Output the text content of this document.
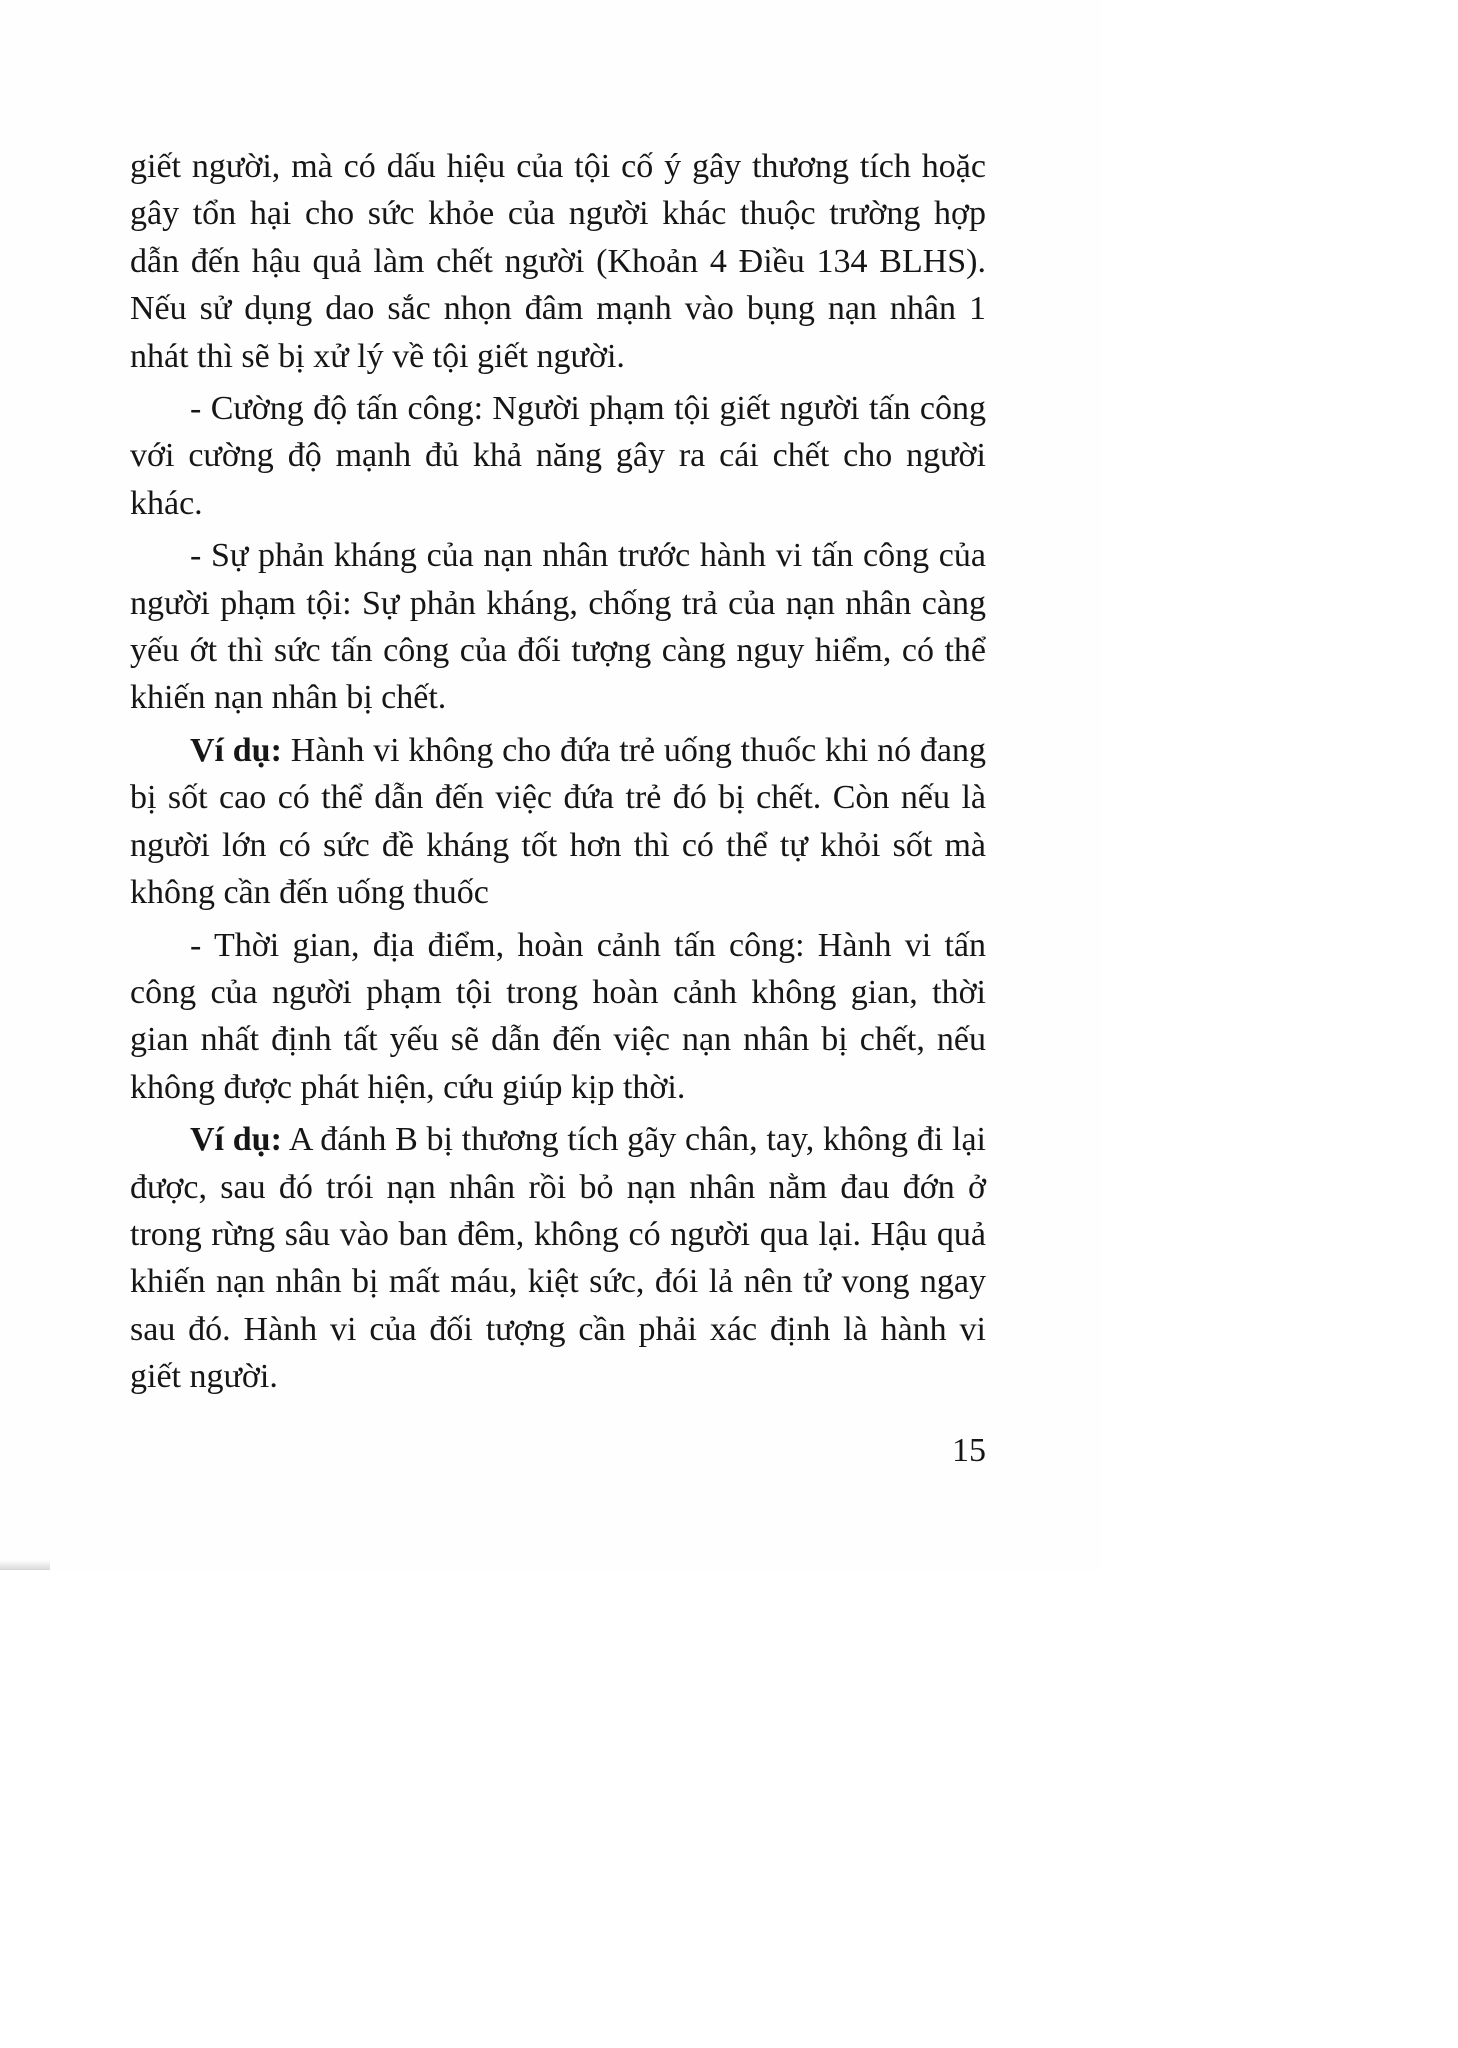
giết người, mà có dấu hiệu của tội cố ý gây thương tích hoặc gây tổn hại cho sức khỏe của người khác thuộc trường hợp dẫn đến hậu quả làm chết người (Khoản 4 Điều 134 BLHS). Nếu sử dụng dao sắc nhọn đâm mạnh vào bụng nạn nhân 1 nhát thì sẽ bị xử lý về tội giết người.

- Cường độ tấn công: Người phạm tội giết người tấn công với cường độ mạnh đủ khả năng gây ra cái chết cho người khác.

- Sự phản kháng của nạn nhân trước hành vi tấn công của người phạm tội: Sự phản kháng, chống trả của nạn nhân càng yếu ớt thì sức tấn công của đối tượng càng nguy hiểm, có thể khiến nạn nhân bị chết.

Ví dụ: Hành vi không cho đứa trẻ uống thuốc khi nó đang bị sốt cao có thể dẫn đến việc đứa trẻ đó bị chết. Còn nếu là người lớn có sức đề kháng tốt hơn thì có thể tự khỏi sốt mà không cần đến uống thuốc

- Thời gian, địa điểm, hoàn cảnh tấn công: Hành vi tấn công của người phạm tội trong hoàn cảnh không gian, thời gian nhất định tất yếu sẽ dẫn đến việc nạn nhân bị chết, nếu không được phát hiện, cứu giúp kịp thời.

Ví dụ: A đánh B bị thương tích gãy chân, tay, không đi lại được, sau đó trói nạn nhân rồi bỏ nạn nhân nằm đau đớn ở trong rừng sâu vào ban đêm, không có người qua lại. Hậu quả khiến nạn nhân bị mất máu, kiệt sức, đói lả nên tử vong ngay sau đó. Hành vi của đối tượng cần phải xác định là hành vi giết người.

15
